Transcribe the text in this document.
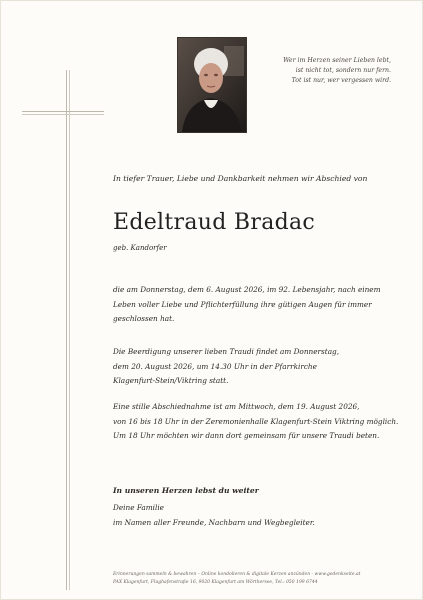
Wer im Herzen seiner Lieben lebt,
ist nicht tot, sondern nur fern.
Tot ist nur, wer vergessen wird.
In tiefer Trauer, Liebe und Dankbarkeit nehmen wir Abschied von
Edeltraud Bradac
geb. Kandorfer
die am Donnerstag, dem 6. August 2026, im 92. Lebensjahr, nach einem
Leben voller Liebe und Pflichterfüllung ihre gütigen Augen für immer
geschlossen hat.
Die Beerdigung unserer lieben Traudi findet am Donnerstag,
dem 20. August 2026, um 14.30 Uhr in der Pfarrkirche
Klagenfurt-Stein/Viktring statt.
Eine stille Abschiednahme ist am Mittwoch, dem 19. August 2026,
von 16 bis 18 Uhr in der Zeremonienhalle Klagenfurt-Stein Viktring möglich.
Um 18 Uhr möchten wir dann dort gemeinsam für unsere Traudi beten.
In unseren Herzen lebst du weiter
Deine Familie
im Namen aller Freunde, Nachbarn und Wegbegleiter.
Erinnerungen sammeln & bewahren – Online kondolieren & digitale Kerzen anzünden - www.gedenkseite.at
PAX Klagenfurt, Flughafenstraße 16, 9020 Klagenfurt am Wörthersee, Tel.: 050 199 6744
